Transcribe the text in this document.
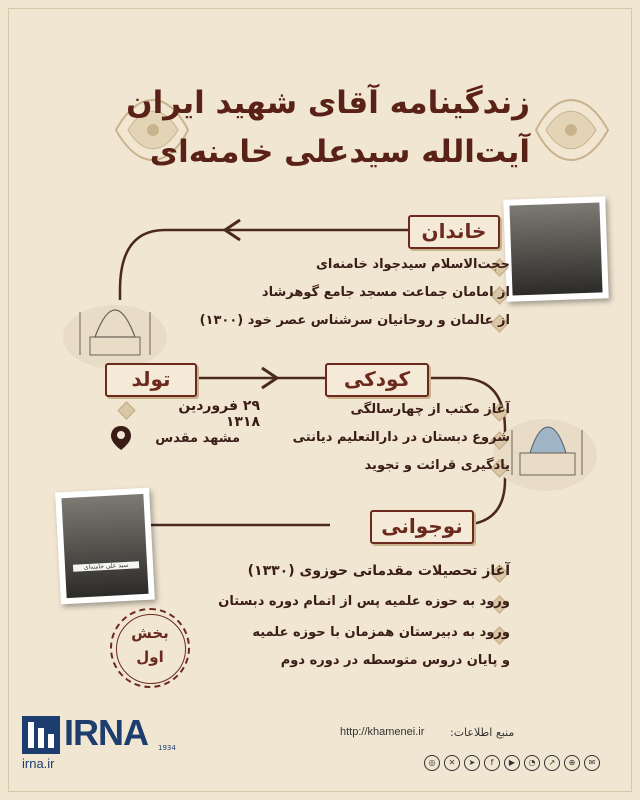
زندگینامه آقای شهید ایران
آیت‌الله سیدعلی خامنه‌ای
سید علی خامنه‌ای
خاندان
حجت‌الاسلام سیدجواد خامنه‌ای
از امامان جماعت مسجد جامع گوهرشاد
از عالمان و روحانیان سرشناس عصر خود (۱۳۰۰)
تولد
۲۹ فروردین ۱۳۱۸
مشهد مقدس
کودکی
آغاز مکتب از چهارسالگی
شروع دبستان در دارالتعلیم دیانتی
یادگیری قرائت و تجوید
نوجوانی
آغاز تحصیلات مقدماتی حوزوی (۱۳۳۰)
ورود به حوزه علمیه پس از اتمام دوره دبستان
ورود به دبیرستان همزمان با حوزه علمیه
و پایان دروس متوسطه در دوره دوم
بخش
اول
IRNA 1934
irna.ir
منبع اطلاعات:
http://khamenei.ir
◎ ✕ ➤ f ▶ ◔ ↗ ⊕ ✉
